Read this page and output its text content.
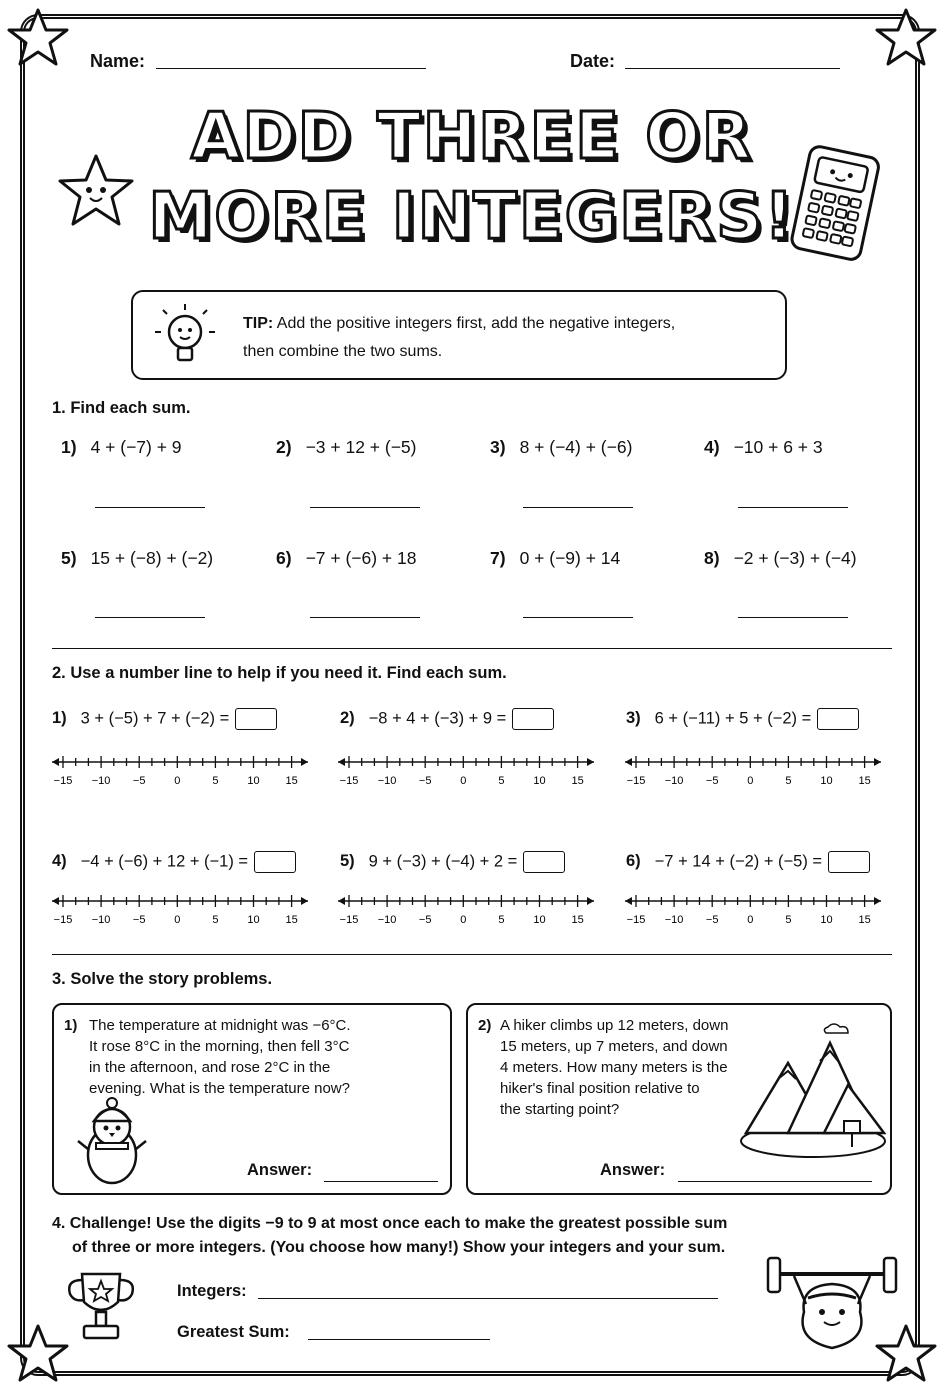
Name:	Date:
ADD THREE OR
MORE INTEGERS!
TIP: Add the positive integers first, add the negative integers,
then combine the two sums.
1. Find each sum.
1) 4 + (−7) + 9	2) −3 + 12 + (−5)	3) 8 + (−4) + (−6)	4) −10 + 6 + 3
5) 15 + (−8) + (−2)	6) −7 + (−6) + 18	7) 0 + (−9) + 14	8) −2 + (−3) + (−4)
2. Use a number line to help if you need it. Find each sum.
1) 3 + (−5) + 7 + (−2) =	2) −8 + 4 + (−3) + 9 =	3) 6 + (−11) + 5 + (−2) =
−15 −10 −5	0	5	10 15	−15 −10 −5	0	5	10 15	−15 −10 −5	0	5	10 15
4) −4 + (−6) + 12 + (−1) =	5) 9 + (−3) + (−4) + 2 =	6) −7 + 14 + (−2) + (−5) =
−15 −10 −5	0	5	10 15	−15 −10 −5	0	5	10 15	−15 −10 −5	0	5	10 15
3. Solve the story problems.
1) The temperature at midnight was −6°C.
It rose 8°C in the morning, then fell 3°C
in the afternoon, and rose 2°C in the
evening. What is the temperature now?
Answer:
2) A hiker climbs up 12 meters, down
15 meters, up 7 meters, and down
4 meters. How many meters is the
hiker's final position relative to
the starting point?
Answer:
4. Challenge! Use the digits −9 to 9 at most once each to make the greatest possible sum
of three or more integers. (You choose how many!) Show your integers and your sum.
Integers:
Greatest Sum:
